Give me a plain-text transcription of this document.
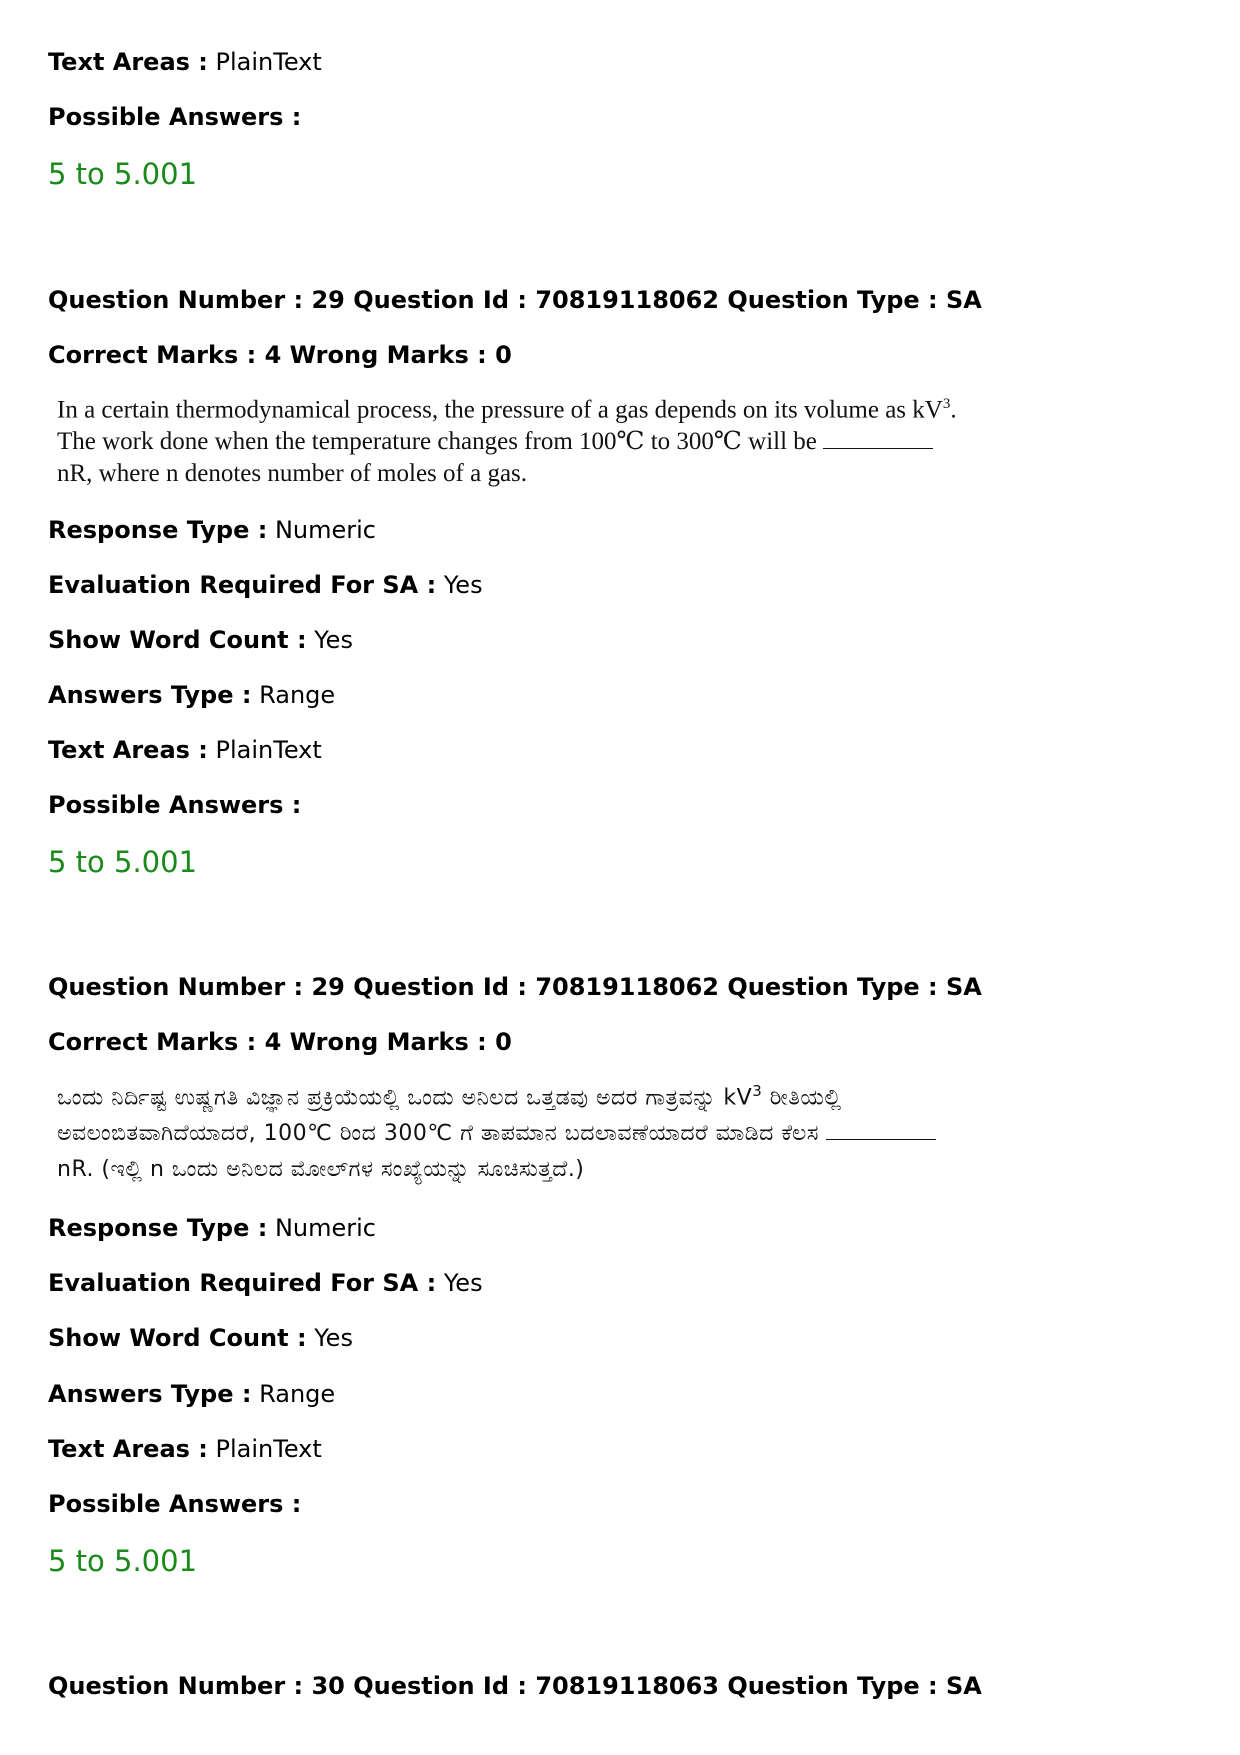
Text Areas : PlainText
Possible Answers :
5 to 5.001
Question Number : 29 Question Id : 70819118062 Question Type : SA
Correct Marks : 4 Wrong Marks : 0
In a certain thermodynamical process, the pressure of a gas depends on its volume as $kV^3$. The work done when the temperature changes from 100℃ to 300℃ will be nR, where n denotes number of moles of a gas.
Response Type : Numeric
Evaluation Required For SA : Yes
Show Word Count : Yes
Answers Type : Range
Text Areas : PlainText
Possible Answers :
5 to 5.001
Question Number : 29 Question Id : 70819118062 Question Type : SA
Correct Marks : 4 Wrong Marks : 0
ಒಂದು ನಿರ್ದಿಷ್ಟ ಉಷ್ಣಗತಿ ವಿಜ್ಞಾನ ಪ್ರಕ್ರಿಯೆಯಲ್ಲಿ ಒಂದು ಅನಿಲದ ಒತ್ತಡವು ಅದರ ಗಾತ್ರವನ್ನು $kV^3$ ರೀತಿಯಲ್ಲಿ ಅವಲಂಬಿತವಾಗಿದೆಯಾದರೆ, 100℃ ರಿಂದ 300℃ ಗೆ ತಾಪಮಾನ ಬದಲಾವಣೆಯಾದರೆ ಮಾಡಿದ ಕೆಲಸ nR. (ಇಲ್ಲಿ n ಒಂದು ಅನಿಲದ ಮೋಲ್‌ಗಳ ಸಂಖ್ಯೆಯನ್ನು ಸೂಚಿಸುತ್ತದೆ.)
Response Type : Numeric
Evaluation Required For SA : Yes
Show Word Count : Yes
Answers Type : Range
Text Areas : PlainText
Possible Answers :
5 to 5.001
Question Number : 30 Question Id : 70819118063 Question Type : SA
